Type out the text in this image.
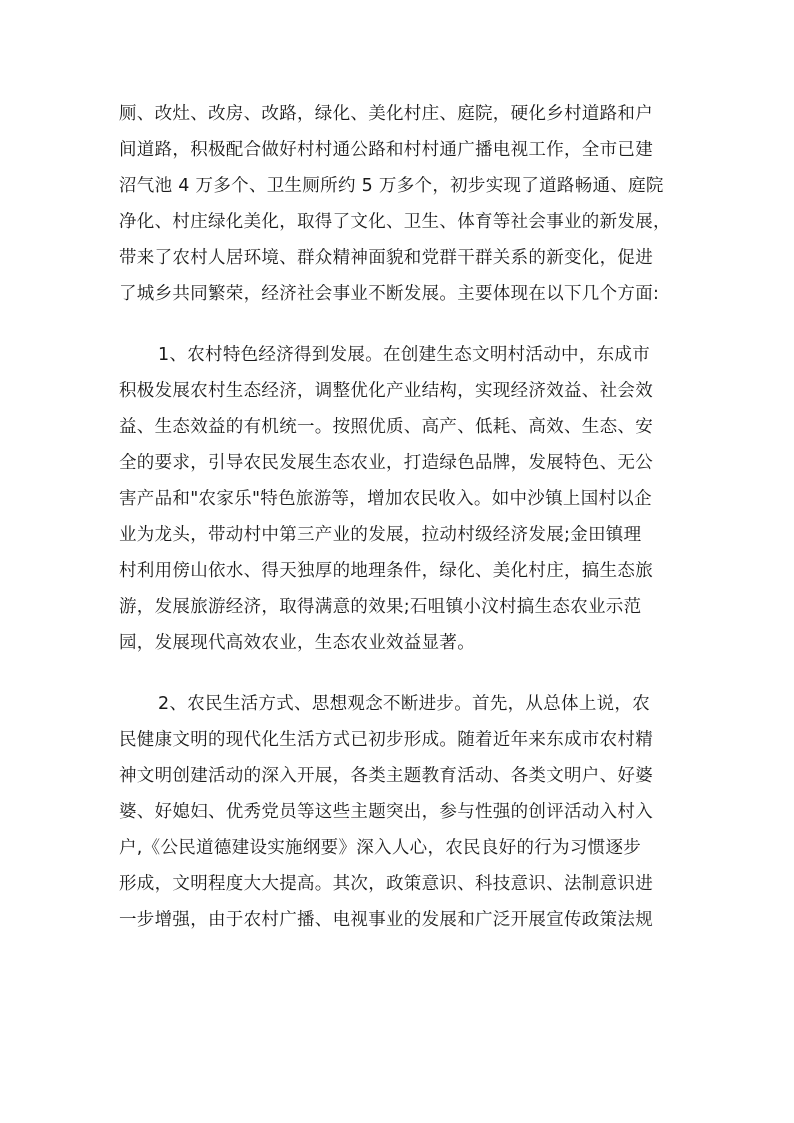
厕、改灶、改房、改路，绿化、美化村庄、庭院，硬化乡村道路和户
间道路，积极配合做好村村通公路和村村通广播电视工作，全市已建
沼气池 4 万多个、卫生厕所约 5 万多个，初步实现了道路畅通、庭院
净化、村庄绿化美化，取得了文化、卫生、体育等社会事业的新发展，
带来了农村人居环境、群众精神面貌和党群干群关系的新变化，促进
了城乡共同繁荣，经济社会事业不断发展。主要体现在以下几个方面:
1、农村特色经济得到发展。在创建生态文明村活动中，东成市
积极发展农村生态经济，调整优化产业结构，实现经济效益、社会效
益、生态效益的有机统一。按照优质、高产、低耗、高效、生态、安
全的要求，引导农民发展生态农业，打造绿色品牌，发展特色、无公
害产品和"农家乐"特色旅游等，增加农民收入。如中沙镇上国村以企
业为龙头，带动村中第三产业的发展，拉动村级经济发展;金田镇理
村利用傍山依水、得天独厚的地理条件，绿化、美化村庄，搞生态旅
游，发展旅游经济，取得满意的效果;石咀镇小汶村搞生态农业示范
园，发展现代高效农业，生态农业效益显著。
2、农民生活方式、思想观念不断进步。首先，从总体上说，农
民健康文明的现代化生活方式已初步形成。随着近年来东成市农村精
神文明创建活动的深入开展，各类主题教育活动、各类文明户、好婆
婆、好媳妇、优秀党员等这些主题突出，参与性强的创评活动入村入
户,《公民道德建设实施纲要》深入人心，农民良好的行为习惯逐步
形成，文明程度大大提高。其次，政策意识、科技意识、法制意识进
一步增强，由于农村广播、电视事业的发展和广泛开展宣传政策法规
